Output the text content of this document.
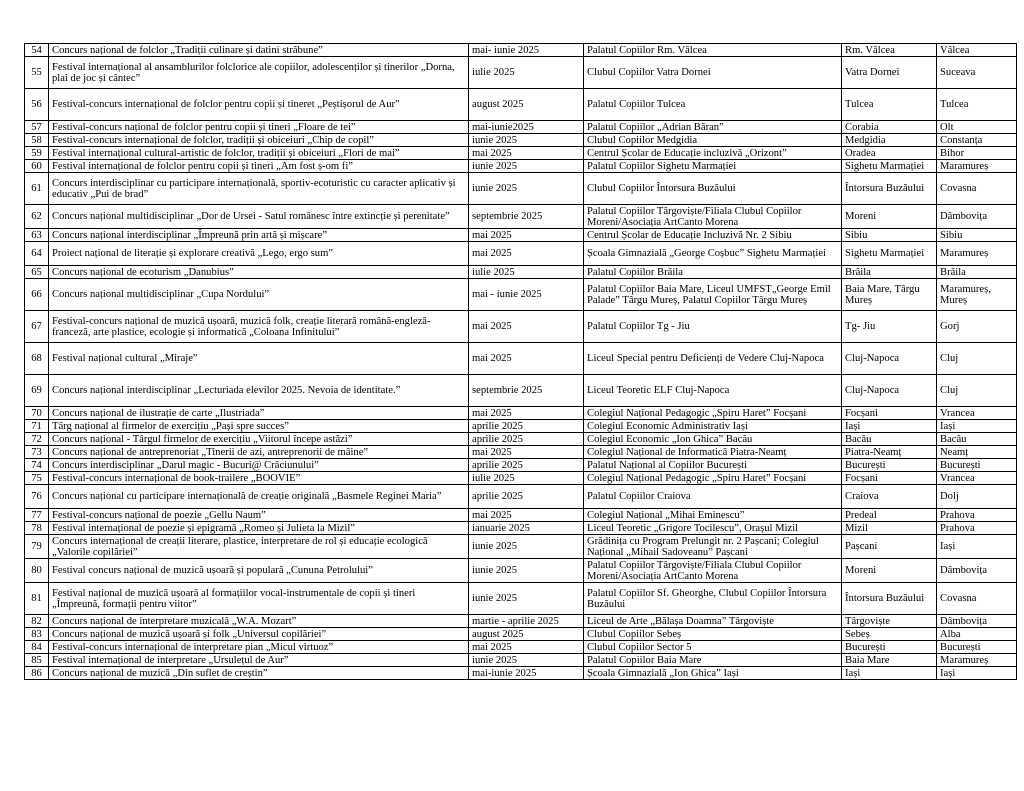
54	Concurs național de folclor „Tradiții culinare și datini străbune”	mai- iunie 2025	Palatul Copiilor Rm. Vâlcea	Rm. Vâlcea	Vâlcea
55	Festival internațional al ansamblurilor folclorice ale copiilor, adolescenților și tinerilor „Dorna, plai de joc și cântec”	iulie 2025	Clubul Copiilor Vatra Dornei	Vatra Dornei	Suceava
56	Festival-concurs internațional de folclor pentru copii și tineret „Peștișorul de Aur”	august 2025	Palatul Copiilor Tulcea	Tulcea	Tulcea
57	Festival-concurs național de folclor pentru copii și tineri „Floare de tei”	mai-iunie2025	Palatul Copiilor „Adrian Băran”	Corabia	Olt
58	Festival-concurs internațional de folclor, tradiții și obiceiuri „Chip de copil”	iunie 2025	Clubul Copiilor Medgidia	Medgidia	Constanța
59	Festival internațional cultural-artistic de folclor, tradiții și obiceiuri „Flori de mai”	mai 2025	Centrul Școlar de Educație incluzivă „Orizont”	Oradea	Bihor
60	Festival internațional de folclor pentru copii și tineri „Am fost ș-om fi”	iunie 2025	Palatul Copiilor Sighetu Marmației	Sighetu Marmației	Maramureș
61	Concurs interdisciplinar cu participare internațională, sportiv-ecoturistic cu caracter aplicativ și educativ „Pui de brad”	iunie 2025	Clubul Copiilor Întorsura Buzăului	Întorsura Buzăului	Covasna
62	Concurs național multidisciplinar „Dor de Ursei - Satul românesc între extincție și perenitate”	septembrie 2025	Palatul Copiilor Târgoviște/Filiala Clubul Copiilor Moreni/Asociația ArtCanto Morena	Moreni	Dâmbovița
63	Concurs național interdisciplinar „Împreună prin artă și mișcare”	mai 2025	Centrul Școlar de Educație Incluzivă Nr. 2 Sibiu	Sibiu	Sibiu
64	Proiect național de literație și explorare creativă „Lego, ergo sum”	mai 2025	Școala Gimnazială „George Coșbuc” Sighetu Marmației	Sighetu Marmației	Maramureș
65	Concurs național de ecoturism „Danubius”	iulie 2025	Palatul Copiilor Brăila	Brăila	Brăila
66	Concurs național multidisciplinar „Cupa Nordului”	mai - iunie 2025	Palatul Copiilor Baia Mare, Liceul UMFST„George Emil Palade” Târgu Mureș, Palatul Copiilor Târgu Mureș	Baia Mare, Târgu Mureș	Maramureș, Mureș
67	Festival-concurs național de muzică ușoară, muzică folk, creație literară română-engleză-franceză, arte plastice, ecologie și informatică „Coloana Infinitului”	mai 2025	Palatul Copiilor Tg - Jiu	Tg- Jiu	Gorj
68	Festival național cultural „Miraje”	mai 2025	Liceul Special pentru Deficienți de Vedere Cluj-Napoca	Cluj-Napoca	Cluj
69	Concurs național interdisciplinar „Lecturiada elevilor 2025. Nevoia de identitate.”	septembrie 2025	Liceul Teoretic ELF Cluj-Napoca	Cluj-Napoca	Cluj
70	Concurs național de ilustrație de carte „Ilustriada”	mai 2025	Colegiul Național Pedagogic „Spiru Haret” Focșani	Focșani	Vrancea
71	Târg național al firmelor de exercițiu „Pași spre succes”	aprilie 2025	Colegiul Economic Administrativ Iași	Iași	Iași
72	Concurs național - Târgul firmelor de exercițiu „Viitorul începe astăzi”	aprilie 2025	Colegiul Economic „Ion Ghica” Bacău	Bacău	Bacău
73	Concurs național de antreprenoriat „Tinerii de azi, antreprenorii de mâine”	mai 2025	Colegiul Național de Informatică Piatra-Neamț	Piatra-Neamț	Neamț
74	Concurs interdisciplinar „Darul magic - Bucuri@ Crăciunului”	aprilie 2025	Palatul Național al Copiilor București	București	București
75	Festival-concurs internațional de book-trailere „BOOVIE”	iulie 2025	Colegiul Național Pedagogic „Spiru Haret” Focșani	Focșani	Vrancea
76	Concurs național cu participare internațională de creație originală „Basmele Reginei Maria”	aprilie 2025	Palatul Copiilor Craiova	Craiova	Dolj
77	Festival-concurs național de poezie „Gellu Naum”	mai 2025	Colegiul Național „Mihai Eminescu”	Predeal	Prahova
78	Festival internațional de poezie și epigramă „Romeo și Julieta la Mizil”	ianuarie 2025	Liceul Teoretic „Grigore Tocilescu”, Orașul Mizil	Mizil	Prahova
79	Concurs internațional de creații literare, plastice, interpretare de rol și educație ecologică „Valorile copilăriei”	iunie 2025	Grădinița cu Program Prelungit nr. 2 Pașcani; Colegiul Național „Mihail Sadoveanu” Pașcani	Pașcani	Iași
80	Festival concurs național de muzică ușoară și populară „Cununa Petrolului”	iunie 2025	Palatul Copiilor Târgoviște/Filiala Clubul Copiilor Moreni/Asociația ArtCanto Morena	Moreni	Dâmbovița
81	Festival național de muzică ușoară al formațiilor vocal-instrumentale de copii și tineri „Împreună, formații pentru viitor”	iunie 2025	Palatul Copiilor Sf. Gheorghe, Clubul Copiilor Întorsura Buzăului	Întorsura Buzăului	Covasna
82	Concurs național de interpretare muzicală „W.A. Mozart”	martie - aprilie 2025	Liceul de Arte „Bălașa Doamna” Târgoviște	Târgoviște	Dâmbovița
83	Concurs național de muzică ușoară și folk „Universul copilăriei”	august 2025	Clubul Copiilor Sebeș	Sebeș	Alba
84	Festival-concurs internațional de interpretare pian „Micul virtuoz”	mai 2025	Clubul Copiilor Sector 5	București	București
85	Festival internațional de interpretare „Ursulețul de Aur”	iunie 2025	Palatul Copiilor Baia Mare	Baia Mare	Maramureș
86	Concurs național de muzică „Din suflet de creștin”	mai-iunie 2025	Școala Gimnazială „Ion Ghica” Iași	Iași	Iași
